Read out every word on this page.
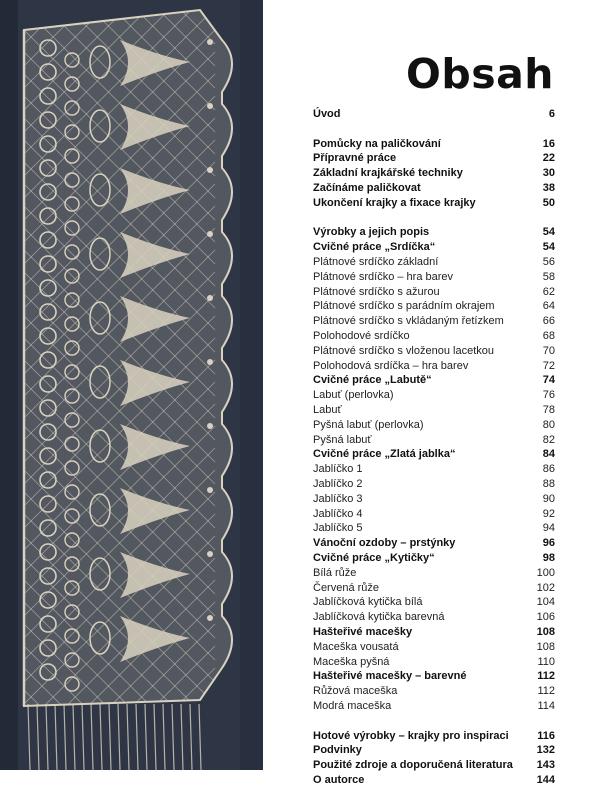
Obsah
Úvod	6
Pomůcky na paličkování	16
Přípravné práce	22
Základní krajkářské techniky	30
Začínáme paličkovat	38
Ukončení krajky a fixace krajky	50
Výrobky a jejich popis	54
Cvičné práce „Srdíčka“	54
Plátnové srdíčko základní	56
Plátnové srdíčko – hra barev	58
Plátnové srdíčko s ažurou	62
Plátnové srdíčko s parádním okrajem	64
Plátnové srdíčko s vkládaným řetízkem	66
Polohodové srdíčko	68
Plátnové srdíčko s vloženou lacetkou	70
Polohodová srdíčka – hra barev	72
Cvičné práce „Labutě“	74
Labuť (perlovka)	76
Labuť	78
Pyšná labuť (perlovka)	80
Pyšná labuť	82
Cvičné práce „Zlatá jablka“	84
Jablíčko 1	86
Jablíčko 2	88
Jablíčko 3	90
Jablíčko 4	92
Jablíčko 5	94
Vánoční ozdoby – prstýnky	96
Cvičné práce „Kytičky“	98
Bílá růže	100
Červená růže	102
Jablíčková kytička bílá	104
Jablíčková kytička barevná	106
Hašteřivé macešky	108
Maceška vousatá	108
Maceška pyšná	110
Hašteřivé macešky – barevné	112
Růžová maceška	112
Modrá maceška	114
Hotové výrobky – krajky pro inspiraci	116
Podvinky	132
Použité zdroje a doporučená literatura 143
O autorce	144
